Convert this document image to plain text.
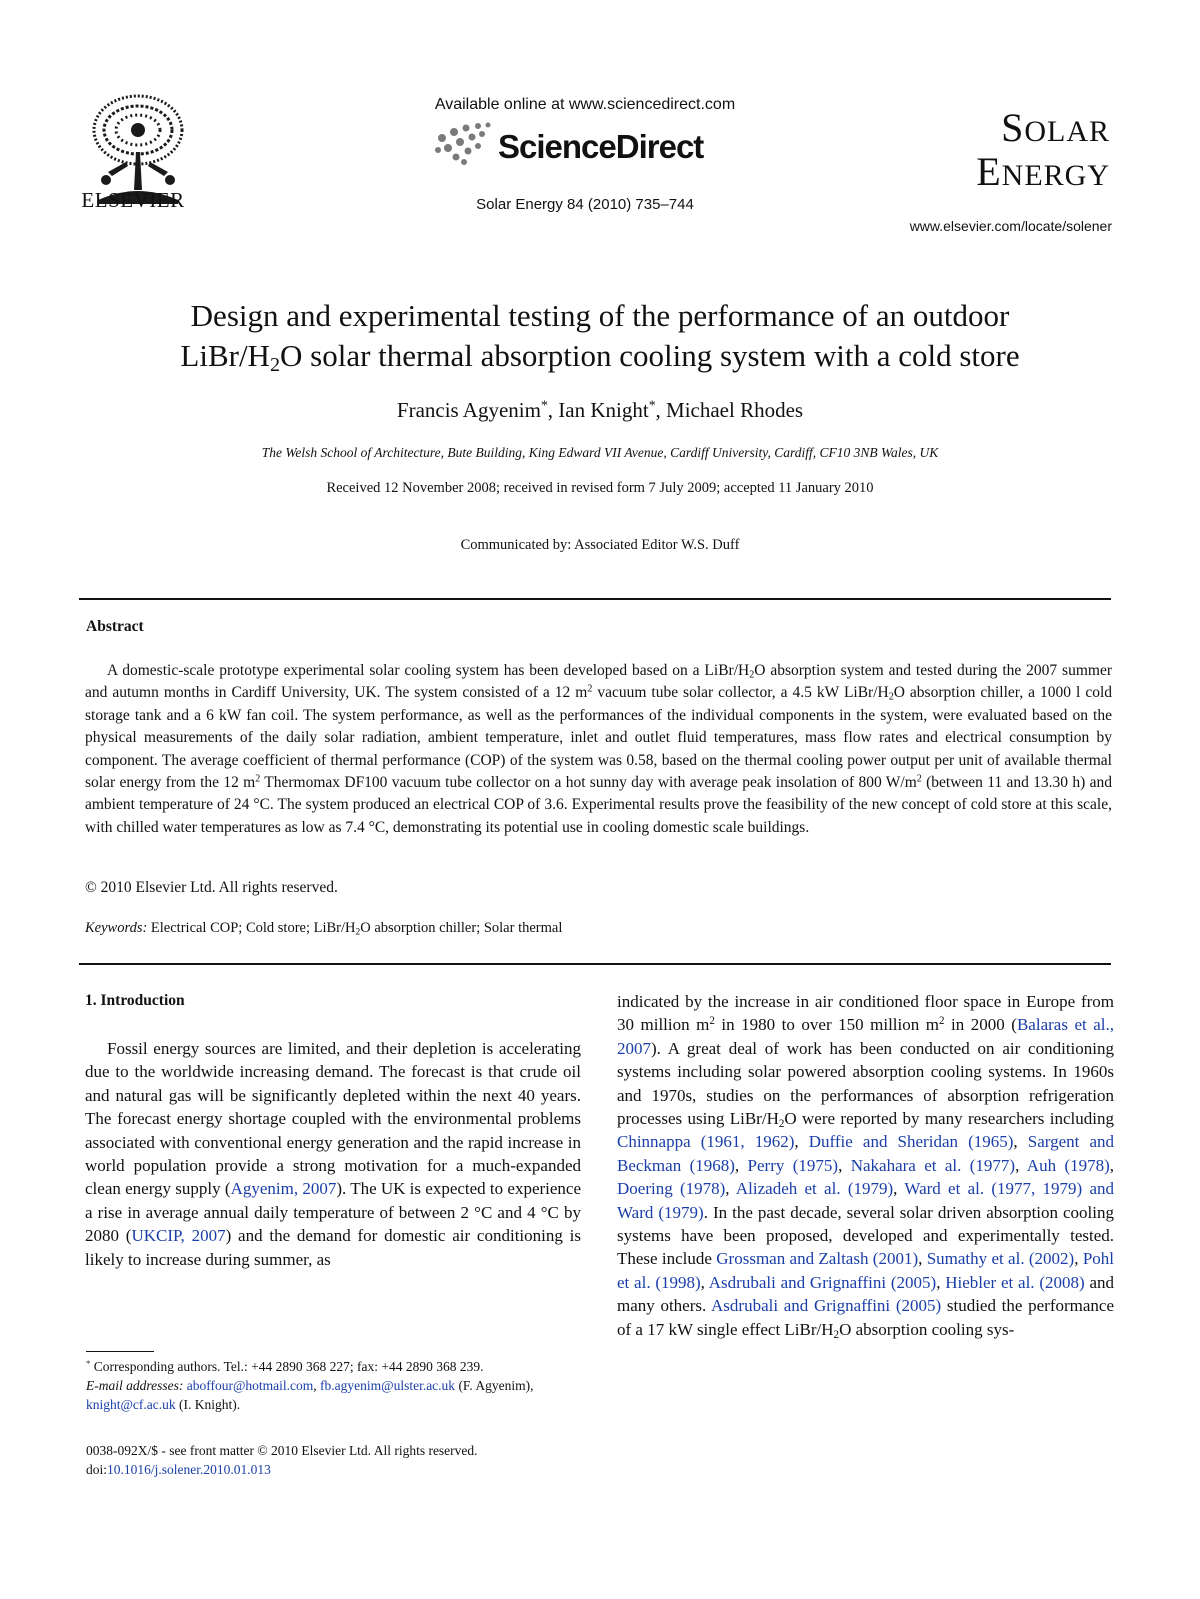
ELSEVIER
Available online at www.sciencedirect.com
ScienceDirect
Solar Energy 84 (2010) 735–744
SOLAR
ENERGY
www.elsevier.com/locate/solener
Design and experimental testing of the performance of an outdoor
LiBr/$H_2O$ solar thermal absorption cooling system with a cold store
Francis Agyenim*, Ian Knight*, Michael Rhodes
The Welsh School of Architecture, Bute Building, King Edward VII Avenue, Cardiff University, Cardiff, CF10 3NB Wales, UK
Received 12 November 2008; received in revised form 7 July 2009; accepted 11 January 2010
Communicated by: Associated Editor W.S. Duff
Abstract

A domestic-scale prototype experimental solar cooling system has been developed based on a LiBr/$H_2O$ absorption system and tested during the 2007 summer and autumn months in Cardiff University, UK. The system consisted of a 12 $m^2$ vacuum tube solar collector, a 4.5 kW LiBr/$H_2O$ absorption chiller, a 1000 l cold storage tank and a 6 kW fan coil. The system performance, as well as the performances of the individual components in the system, were evaluated based on the physical measurements of the daily solar radiation, ambient temperature, inlet and outlet fluid temperatures, mass flow rates and electrical consumption by component. The average coefficient of thermal performance (COP) of the system was 0.58, based on the thermal cooling power output per unit of available thermal solar energy from the 12 $m^2$ Thermomax DF100 vacuum tube collector on a hot sunny day with average peak insolation of 800 $W/m^2$ (between 11 and 13.30 h) and ambient temperature of 24 °C. The system produced an electrical COP of 3.6. Experimental results prove the feasibility of the new concept of cold store at this scale, with chilled water temperatures as low as 7.4 °C, demonstrating its potential use in cooling domestic scale buildings.

© 2010 Elsevier Ltd. All rights reserved.
Keywords: Electrical COP; Cold store; LiBr/$H_2O$ absorption chiller; Solar thermal
1. Introduction

Fossil energy sources are limited, and their depletion is accelerating due to the worldwide increasing demand. The forecast is that crude oil and natural gas will be significantly depleted within the next 40 years. The forecast energy shortage coupled with the environmental problems associated with conventional energy generation and the rapid increase in world population provide a strong motivation for a much-expanded clean energy supply (Agyenim, 2007). The UK is expected to experience a rise in average annual daily temperature of between 2 °C and 4 °C by 2080 (UKCIP, 2007) and the demand for domestic air conditioning is likely to increase during summer, as

indicated by the increase in air conditioned floor space in Europe from 30 million $m^2$ in 1980 to over 150 million $m^2$ in 2000 (Balaras et al., 2007). A great deal of work has been conducted on air conditioning systems including solar powered absorption cooling systems. In 1960s and 1970s, studies on the performances of absorption refrigeration processes using LiBr/$H_2O$ were reported by many researchers including Chinnappa (1961, 1962), Duffie and Sheridan (1965), Sargent and Beckman (1968), Perry (1975), Nakahara et al. (1977), Auh (1978), Doering (1978), Alizadeh et al. (1979), Ward et al. (1977, 1979) and Ward (1979). In the past decade, several solar driven absorption cooling systems have been proposed, developed and experimentally tested. These include Grossman and Zaltash (2001), Sumathy et al. (2002), Pohl et al. (1998), Asdrubali and Grignaffini (2005), Hiebler et al. (2008) and many others. Asdrubali and Grignaffini (2005) studied the performance of a 17 kW single effect LiBr/$H_2O$ absorption cooling sys-

* Corresponding authors. Tel.: +44 2890 368 227; fax: +44 2890 368 239.
E-mail addresses: aboffour@hotmail.com, fb.agyenim@ulster.ac.uk (F. Agyenim), knight@cf.ac.uk (I. Knight).
0038-092X/$ - see front matter © 2010 Elsevier Ltd. All rights reserved.
doi:10.1016/j.solener.2010.01.013
